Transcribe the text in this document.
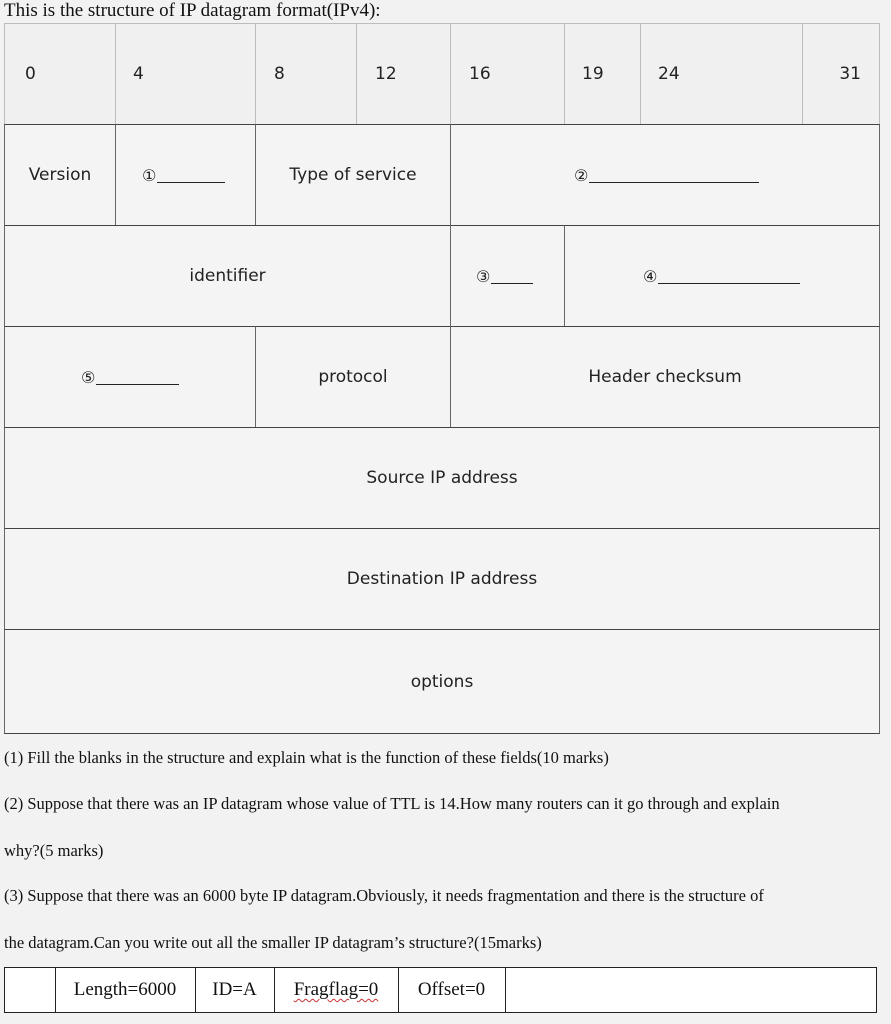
This is the structure of IP datagram format(IPv4):
0	4	8	12	16	19	24	31
Version	①	Type of service	②
identifier	③	④
⑤	protocol	Header checksum
Source IP address
Destination IP address
options
(1) Fill the blanks in the structure and explain what is the function of these fields(10 marks)
(2) Suppose that there was an IP datagram whose value of TTL is 14.How many routers can it go through and explain
why?(5 marks)
(3) Suppose that there was an 6000 byte IP datagram.Obviously, it needs fragmentation and there is the structure of
the datagram.Can you write out all the smaller IP datagram’s structure?(15marks)
Length=6000	ID=A	Fragflag=0	Offset=0
